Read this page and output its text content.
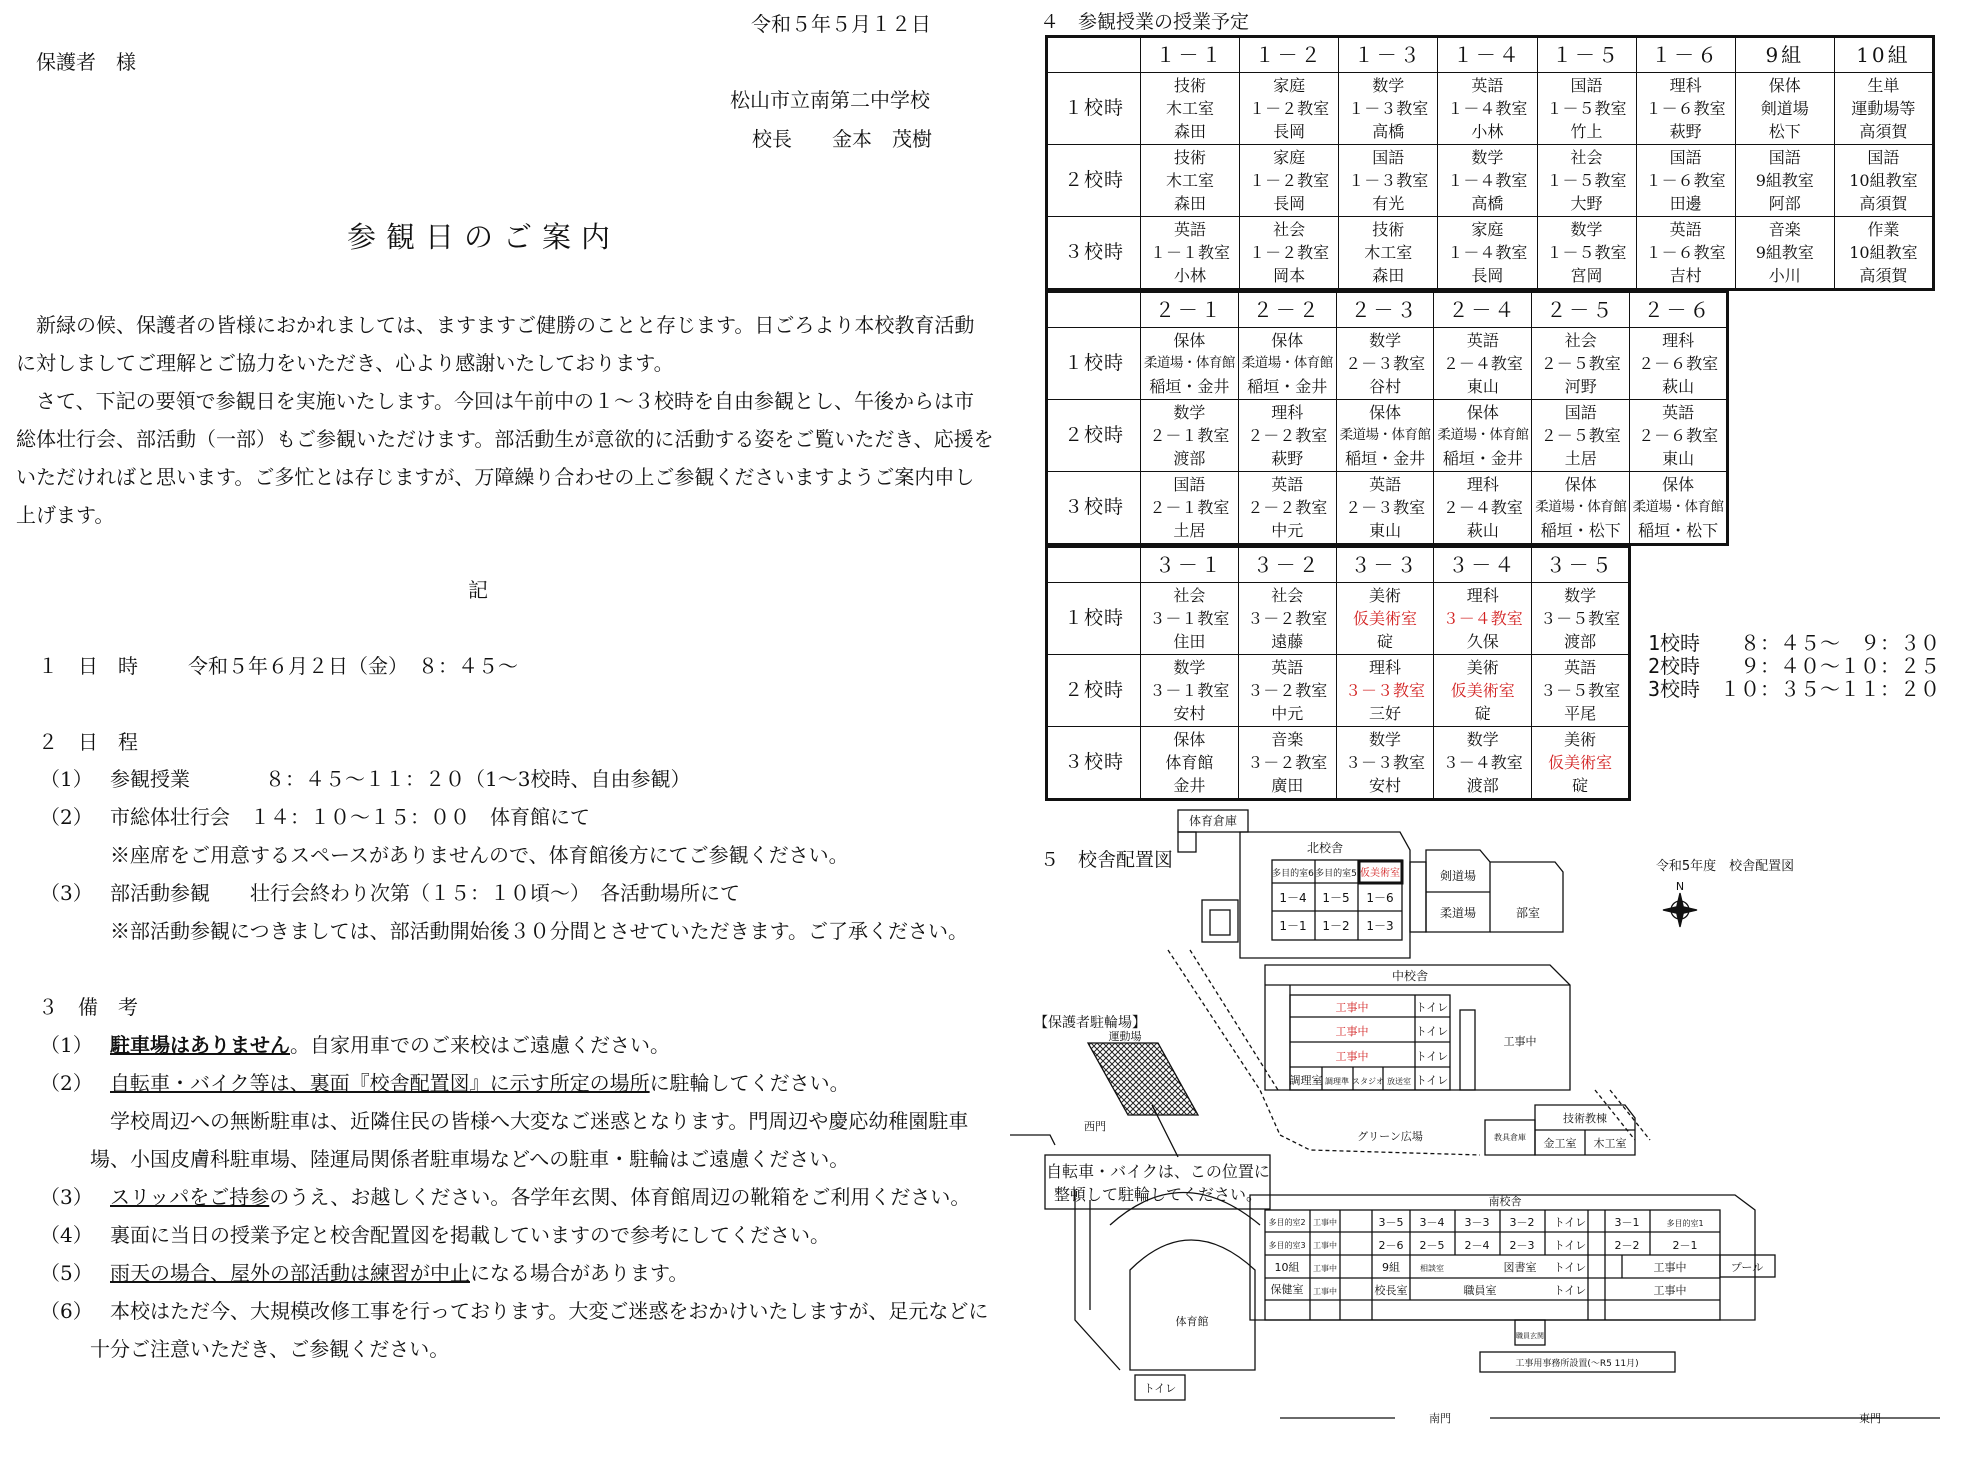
令和５年５月１２日
保護者　様
松山市立南第二中学校
校長　　金本　茂樹
参観日のご案内
　新緑の候、保護者の皆様におかれましては、ますますご健勝のことと存じます。日ごろより本校教育活動
に対しましてご理解とご協力をいただき、心より感謝いたしております。
　さて、下記の要領で参観日を実施いたします。今回は午前中の１～３校時を自由参観とし、午後からは市
総体壮行会、部活動（一部）もご参観いただけます。部活動生が意欲的に活動する姿をご覧いただき、応援を
いただければと思います。ご多忙とは存じますが、万障繰り合わせの上ご参観くださいますようご案内申し
上げます。
記
１　日　時	令和５年６月２日（金）　８：４５～
２　日　程
（1） 参観授業	８：４５～１１：２０（1～3校時、自由参観）
（2） 市総体壮行会　１４：１０～１５：００　体育館にて
※座席をご用意するスペースがありませんので、体育館後方にてご参観ください。
（3） 部活動参観　　壮行会終わり次第（１５：１０頃～）　各活動場所にて
※部活動参観につきましては、部活動開始後３０分間とさせていただきます。ご了承ください。
３　備　考
（1） 駐車場はありません。自家用車でのご来校はご遠慮ください。
（2） 自転車・バイク等は、裏面『校舎配置図』に示す所定の場所に駐輪してください。
学校周辺への無断駐車は、近隣住民の皆様へ大変なご迷惑となります。門周辺や慶応幼稚園駐車
場、小国皮膚科駐車場、陸運局関係者駐車場などへの駐車・駐輪はご遠慮ください。
（3） スリッパをご持参のうえ、お越しください。各学年玄関、体育館周辺の靴箱をご利用ください。
（4） 裏面に当日の授業予定と校舎配置図を掲載していますので参考にしてください。
（5） 雨天の場合、屋外の部活動は練習が中止になる場合があります。
（6） 本校はただ今、大規模改修工事を行っております。大変ご迷惑をおかけいたしますが、足元などに
十分ご注意いただき、ご参観ください。
４　参観授業の授業予定
	１－１	１－２	１－３	１－４	１－５	１－６	9組	10組
１校時	技術
木工室
森田	家庭
１－２教室
長岡	数学
１－３教室
高橋	英語
１－４教室
小林	国語
１－５教室
竹上	理科
１－６教室
萩野	保体
剣道場
松下	生単
運動場等
高須賀

２校時	技術
木工室
森田	家庭
１－２教室
長岡	国語
１－３教室
有光	数学
１－４教室
高橋	社会
１－５教室
大野	国語
１－６教室
田邊	国語
9組教室
阿部	国語
10組教室
高須賀

３校時	英語
１－１教室
小林	社会
１－２教室
岡本	技術
木工室
森田	家庭
１－４教室
長岡	数学
１－５教室
宮岡	英語
１－６教室
吉村	音楽
9組教室
小川	作業
10組教室
高須賀
	２－１	２－２	２－３	２－４	２－５	２－６
１校時	保体
柔道場・体育館
稲垣・金井	保体
柔道場・体育館
稲垣・金井	数学
２－３教室
谷村	英語
２－４教室
東山	社会
２－５教室
河野	理科
２－６教室
萩山

２校時	数学
２－１教室
渡部	理科
２－２教室
萩野	保体
柔道場・体育館
稲垣・金井	保体
柔道場・体育館
稲垣・金井	国語
２－５教室
土居	英語
２－６教室
東山

３校時	国語
２－１教室
土居	英語
２－２教室
中元	英語
２－３教室
東山	理科
２－４教室
萩山	保体
柔道場・体育館
稲垣・松下	保体
柔道場・体育館
稲垣・松下
	３－１	３－２	３－３	３－４	３－５
１校時	社会
３－１教室
住田	社会
３－２教室
遠藤	美術
仮美術室
碇	理科
３－４教室
久保	数学
３－５教室
渡部

２校時	数学
３－１教室
安村	英語
３－２教室
中元	理科
３－３教室
三好	美術
仮美術室
碇	英語
３－５教室
平尾

３校時	保体
体育館
金井	音楽
３－２教室
廣田	数学
３－３教室
安村	数学
３－４教室
渡部	美術
仮美術室
碇
1校時　　 ８：４５～　９：３０
2校時　　 ９：４０～１０：２５
3校時　 １０：３５～１１：２０
５　校舎配置図
体育倉庫
北校舎
多目的室6 多目的室5 仮美術室
1－4 1－5 1－6
1－1 1－2 1－3
剣道場
柔道場	部室
令和5年度　校舎配置図
N
中校舎
工事中
工事中
工事中
トイレ
トイレ
トイレ
トイレ
調理室 調理準 スタジオ 放送室
工事中
運動場
【保護者駐輪場】
自転車・バイクは、この位置に
整頓して駐輪してください。
西門
グリーン広場	教具倉庫
技術教棟
金工室 木工室
南校舎
多目的室2
多目的室3
10組
保健室
3－5 3－4 3－3 3－2	3－1	多目的室1
2－6 2－5 2－4 2－3	2－2	2－1
9組	相談室	図書室
校長室	職員室
工事中
工事中
工事中
工事中
工事中
工事中
トイレ
トイレ
トイレ
トイレ
職員玄関
プール
体育館
トイレ
工事用事務所設置(～R5 11月)
南門	東門
